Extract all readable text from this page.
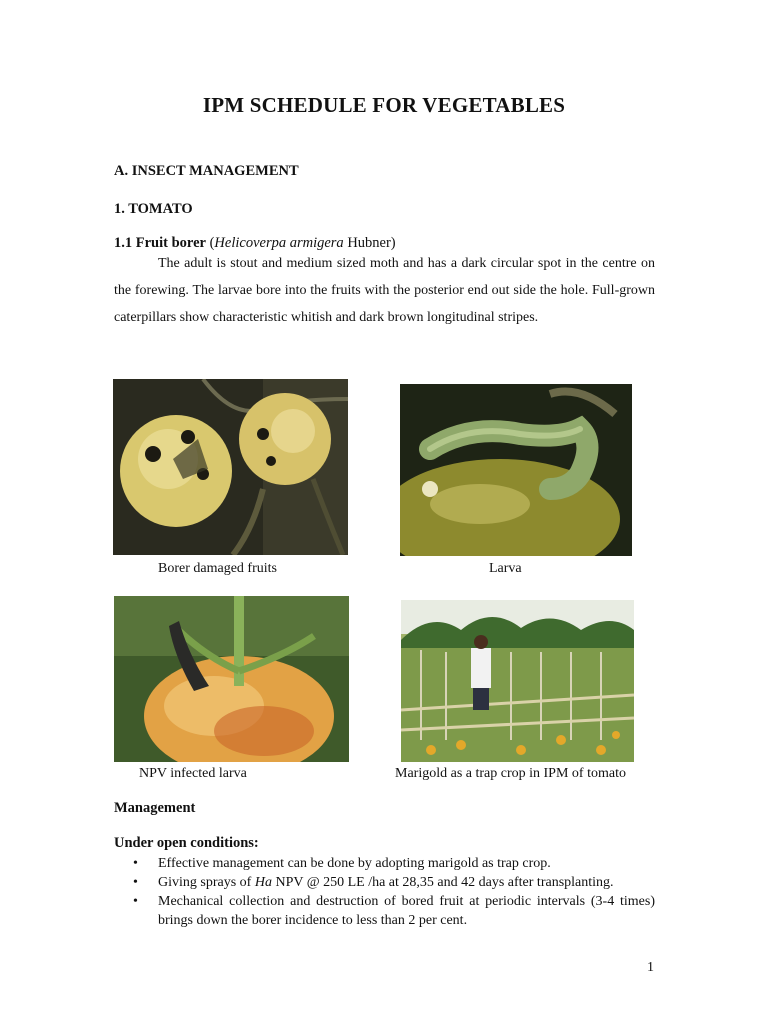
IPM SCHEDULE FOR VEGETABLES
A. INSECT MANAGEMENT
1. TOMATO
1.1 Fruit borer (Helicoverpa armigera Hubner)
The adult is stout and medium sized moth and has a dark circular spot in the centre on the forewing. The larvae bore into the fruits with the posterior end out side the hole. Full-grown caterpillars show characteristic whitish and dark brown longitudinal stripes.
Borer damaged fruits	Larva
NPV infected larva	Marigold as a trap crop in IPM of tomato
Management
Under open conditions:
• Effective management can be done by adopting marigold as trap crop.
• Giving sprays of Ha NPV @ 250 LE /ha at 28,35 and 42 days after transplanting.
• Mechanical collection and destruction of bored fruit at periodic intervals (3-4 times) brings down the borer incidence to less than 2 per cent.
1
